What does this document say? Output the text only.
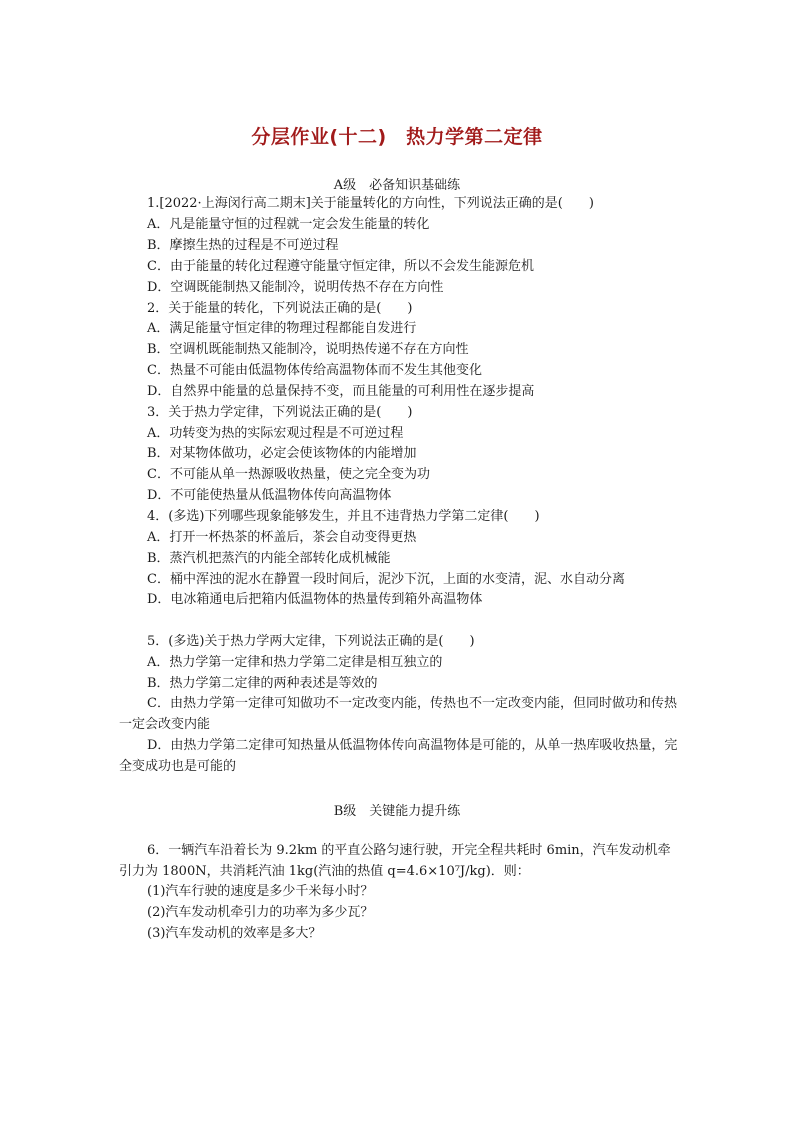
分层作业(十二)　热力学第二定律
A级　必备知识基础练
1.[2022·上海闵行高二期末]关于能量转化的方向性，下列说法正确的是(　　)
A．凡是能量守恒的过程就一定会发生能量的转化
B．摩擦生热的过程是不可逆过程
C．由于能量的转化过程遵守能量守恒定律，所以不会发生能源危机
D．空调既能制热又能制冷，说明传热不存在方向性
2．关于能量的转化，下列说法正确的是(　　)
A．满足能量守恒定律的物理过程都能自发进行
B．空调机既能制热又能制冷，说明热传递不存在方向性
C．热量不可能由低温物体传给高温物体而不发生其他变化
D．自然界中能量的总量保持不变，而且能量的可利用性在逐步提高
3．关于热力学定律，下列说法正确的是(　　)
A．功转变为热的实际宏观过程是不可逆过程
B．对某物体做功，必定会使该物体的内能增加
C．不可能从单一热源吸收热量，使之完全变为功
D．不可能使热量从低温物体传向高温物体
4．(多选)下列哪些现象能够发生，并且不违背热力学第二定律(　　)
A．打开一杯热茶的杯盖后，茶会自动变得更热
B．蒸汽机把蒸汽的内能全部转化成机械能
C．桶中浑浊的泥水在静置一段时间后，泥沙下沉，上面的水变清，泥、水自动分离
D．电冰箱通电后把箱内低温物体的热量传到箱外高温物体
5．(多选)关于热力学两大定律，下列说法正确的是(　　)
A．热力学第一定律和热力学第二定律是相互独立的
B．热力学第二定律的两种表述是等效的
C．由热力学第一定律可知做功不一定改变内能，传热也不一定改变内能，但同时做功和传热一定会改变内能
D．由热力学第二定律可知热量从低温物体传向高温物体是可能的，从单一热库吸收热量，完全变成功也是可能的
B级　关键能力提升练
6．一辆汽车沿着长为 9.2km 的平直公路匀速行驶，开完全程共耗时 6min，汽车发动机牵引力为 1800N，共消耗汽油 1kg(汽油的热值 q=4.6×10⁷J/kg)．则：
(1)汽车行驶的速度是多少千米每小时？
(2)汽车发动机牵引力的功率为多少瓦？
(3)汽车发动机的效率是多大？
